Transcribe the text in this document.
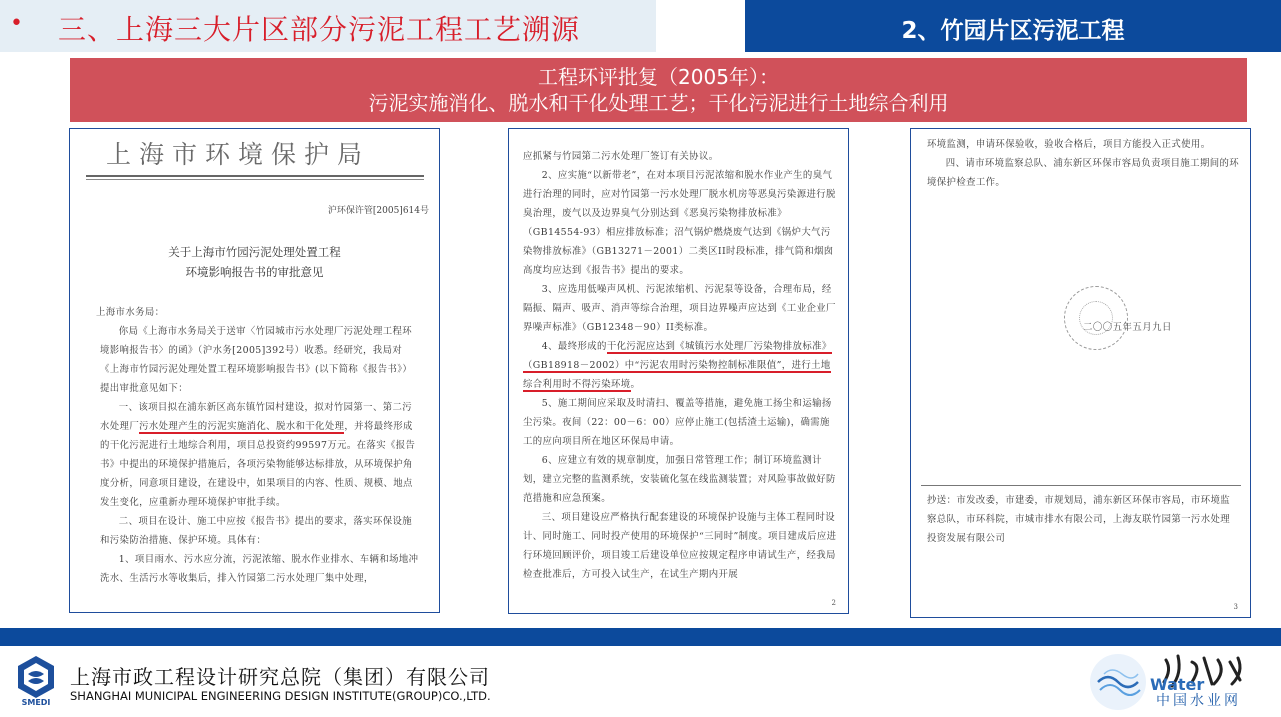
• 三、上海三大片区部分污泥工程工艺溯源	2、竹园片区污泥工程
工程环评批复（2005年）：
污泥实施消化、脱水和干化处理工艺；干化污泥进行土地综合利用
上海市环境保护局
沪环保许管[2005]614号
关于上海市竹园污泥处理处置工程
环境影响报告书的审批意见

上海市水务局：

你局《上海市水务局关于送审〈竹园城市污水处理厂污泥处理工程环境影响报告书〉的函》（沪水务[2005]392号）收悉。经研究，我局对《上海市竹园污泥处理处置工程环境影响报告书》(以下简称《报告书》）提出审批意见如下：

一、该项目拟在浦东新区高东镇竹园村建设，拟对竹园第一、第二污水处理厂污水处理产生的污泥实施消化、脱水和干化处理，并将最终形成的干化污泥进行土地综合利用，项目总投资约99597万元。在落实《报告书》中提出的环境保护措施后，各项污染物能够达标排放，从环境保护角度分析，同意项目建设，在建设中，如果项目的内容、性质、规模、地点发生变化，应重新办理环境保护审批手续。

二、项目在设计、施工中应按《报告书》提出的要求，落实环保设施和污染防治措施、保护环境。具体有：

1、项目雨水、污水应分流，污泥浓缩、脱水作业排水、车辆和场地冲洗水、生活污水等收集后，排入竹园第二污水处理厂集中处理，

应抓紧与竹园第二污水处理厂签订有关协议。

2、应实施“以新带老”，在对本项目污泥浓缩和脱水作业产生的臭气进行治理的同时，应对竹园第一污水处理厂脱水机房等恶臭污染源进行脱臭治理，废气以及边界臭气分别达到《恶臭污染物排放标准》（GB14554-93）相应排放标准；沼气锅炉燃烧废气达到《锅炉大气污染物排放标准》（GB13271－2001）二类区II时段标准，排气筒和烟囱高度均应达到《报告书》提出的要求。

3、应选用低噪声风机、污泥浓缩机、污泥泵等设备，合理布局，经隔振、隔声、吸声、消声等综合治理，项目边界噪声应达到《工业企业厂界噪声标准》（GB12348－90）II类标准。

4、最终形成的干化污泥应达到《城镇污水处理厂污染物排放标准》（GB18918－2002）中“污泥农用时污染物控制标准限值”，进行土地综合利用时不得污染环境。

5、施工期间应采取及时清扫、覆盖等措施，避免施工扬尘和运输扬尘污染。夜间（22：00－6：00）应停止施工(包括渣土运输)，确需施工的应向项目所在地区环保局申请。

6、应建立有效的规章制度，加强日常管理工作；制订环境监测计划，建立完整的监测系统，安装硫化氢在线监测装置；对风险事故做好防范措施和应急预案。

三、项目建设应严格执行配套建设的环境保护设施与主体工程同时设计、同时施工、同时投产使用的环境保护“三同时”制度。项目建成后应进行环境回顾评价，项目竣工后建设单位应按规定程序申请试生产，经我局检查批准后，方可投入试生产，在试生产期内开展

2

环境监测，申请环保验收，验收合格后，项目方能投入正式使用。

四、请市环境监察总队、浦东新区环保市容局负责项目施工期间的环境保护检查工作。

二〇〇五年五月九日

抄送：市发改委，市建委，市规划局，浦东新区环保市容局，市环境监察总队，市环科院，市城市排水有限公司，上海友联竹园第一污水处理投资发展有限公司

3
SMEDI
上海市政工程设计研究总院（集团）有限公司
SHANGHAI MUNICIPAL ENGINEERING DESIGN INSTITUTE(GROUP)CO.,LTD.
Water
中国水业网
